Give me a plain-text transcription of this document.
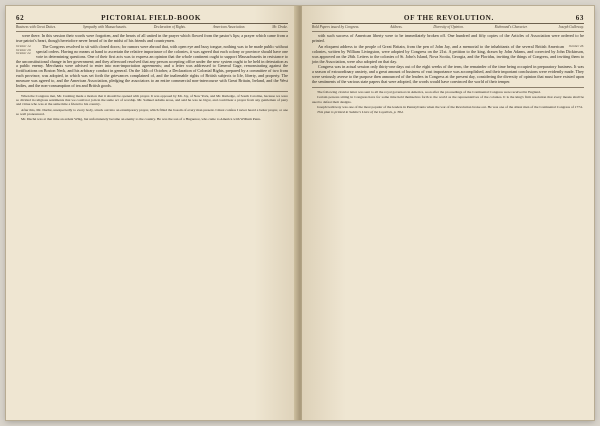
62	PICTORIAL FIELD-BOOK
Business with Great Duties.	Sympathy with Massachusetts.	Declaration of Rights.	American Association.	Mr. Drake.

were there. In this session their words were forgotten, and the hearts of all united in the prayer which flowed from the pastor's lips; a prayer which came from a true patriot's heart, though heretofore never heard of in the midst of his friends and countrymen.

October 14.
October 20.
October 22.

The Congress resolved to sit with closed doors; for rumors were abroad that, with open eye and busy tongue, nothing was to be made public without special orders. Having no means at hand to ascertain the relative importance of the colonies, it was agreed that each colony or province should have one vote in determining questions. One of their first acts was to express an opinion that the whole continent ought to support Massachusetts in resistance to the unconstitutional change in her government; and they afterward resolved that any person accepting office under the new system ought to be held in detestation as a public enemy. Merchants were advised to enter into non-importation agreements; and a letter was addressed to General Gage, remonstrating against the fortifications on Boston Neck, and his arbitrary conduct in general. On the 14th of October, a Declaration of Colonial Rights, prepared by a committee of two from each province, was adopted, in which was set forth the grievances complained of, and the inalienable rights of British subjects to life, liberty, and property. The measure was agreed to, and the American Association, pledging the associators to an entire commercial non-intercourse with Great Britain, Ireland, and the West Indies, and the non-consumption of tea and British goods.

When the Congress met, Mr. Cushing made a motion that it should be opened with prayer. It was opposed by Mr. Jay, of New York, and Mr. Rutledge, of South Carolina, because we were so divided in religious sentiments that we could not join in the same act of worship. Mr. Samuel Adams arose, and said he was no bigot, and could hear a prayer from any gentleman of piety and virtue who was at the same time a friend to his country.

After this, Mr. Duché, unexpectedly to every body, struck out into an extemporary prayer, which filled the bosom of every man present. I must confess I never heard a better prayer, or one so well pronounced.

Mr. Duché was at that time an ardent Whig, but unfortunately became an enemy to the country. He was the son of a Huguenot, who came to America with William Penn.

OF THE REVOLUTION.	63
Bold Papers issued by Congress.	Address.	Diversity of Opinion.	Richmond's Character.	Joseph Galloway.

with such success of American liberty were to be immediately broken off. One hundred and fifty copies of the Articles of Association were ordered to be printed.

October 26.

An eloquent address to the people of Great Britain, from the pen of John Jay, and a memorial to the inhabitants of the several British American colonies, written by William Livingston, were adopted by Congress on the 21st. A petition to the king, drawn by John Adams, and corrected by John Dickinson, was approved on the 26th. Letters to the colonies of St. John's Island, Nova Scotia, Georgia, and the Floridas, inviting the things of Congress, and inviting them to join the Association, were also adopted on that day.

Congress was in actual session only thirty-one days out of the eight weeks of the term, the remainder of the time being occupied in preparatory business. It was a season of extraordinary anxiety, and a great amount of business of vast importance was accomplished, and their important conclusions were evidently made. They were seriously averse to the purpose then announced of the leaders in Congress at the present day, considering the diversity of opinion that must have existed upon the sentiments of the various state papers that were adopted, the words would have convinced the world of their temper.

The following circular letter was sent to all the royal governors in America, soon after the proceedings of the Continental Congress were received in England.

Certain persons sitting in Congress have for some time held themselves forth to the world as the representatives of the colonies. It is the king's firm resolution that every means shall be used to defeat their designs.

Joseph Galloway was one of the most popular of the leaders in Pennsylvania when the war of the Revolution broke out. He was one of the ablest men of the Continental Congress of 1774.

This plan is printed in Sabine's Lives of the Loyalists, p. 384.
